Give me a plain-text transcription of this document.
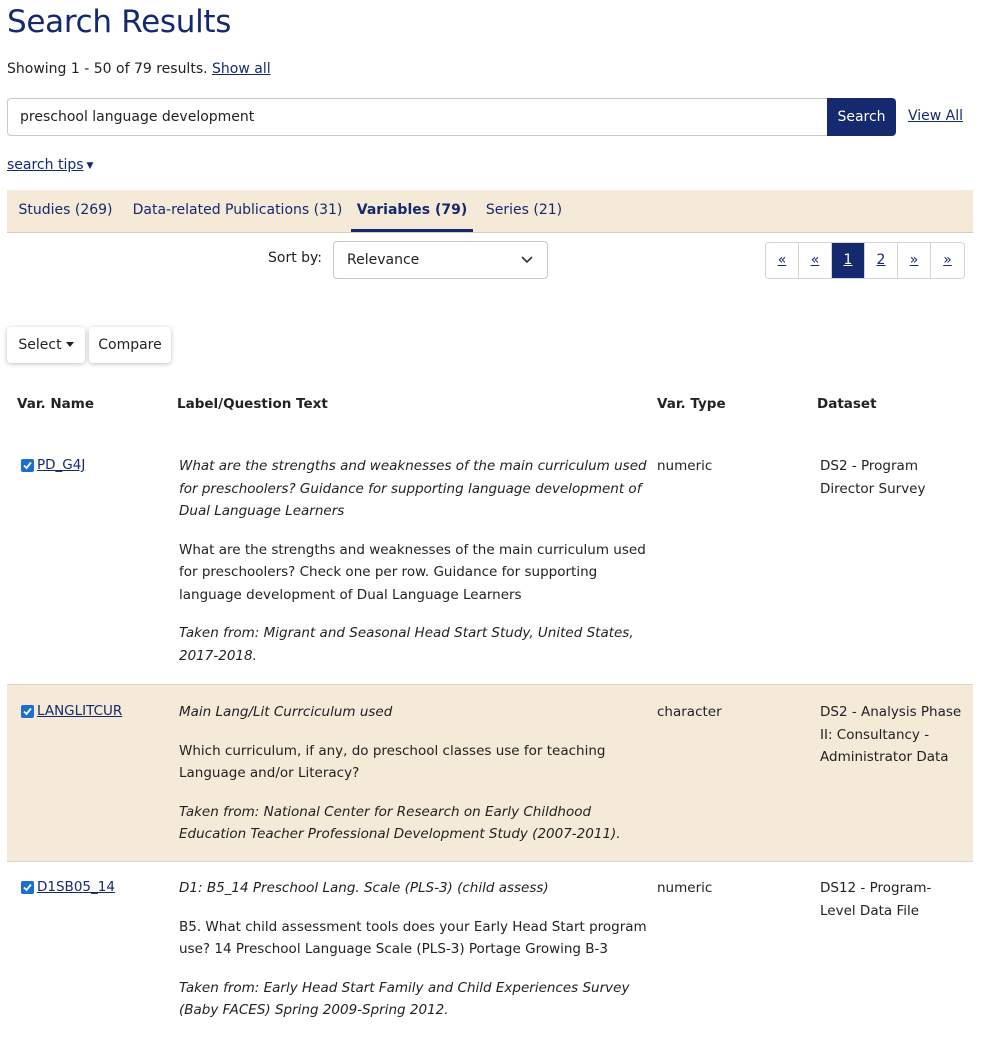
Search Results
Showing 1 - 50 of 79 results. Show all
preschool language development
Search	View All
search tips ▼
Studies (269)	Data-related Publications (31)	Variables (79)	Series (21)
Sort by: Relevance	«	«	1	2	»	»
Select	Compare
Var. Name	Label/Question Text	Var. Type	Dataset
PD_G4J	What are the strengths and weaknesses of the main curriculum used for preschoolers? Guidance for supporting language development of Dual Language Learners

What are the strengths and weaknesses of the main curriculum used for preschoolers? Check one per row. Guidance for supporting language development of Dual Language Learners

Taken from: Migrant and Seasonal Head Start Study, United States, 2017-2018.

numeric	DS2 - Program Director Survey
LANGLITCUR	Main Lang/Lit Currciculum used

Which curriculum, if any, do preschool classes use for teaching Language and/or Literacy?

Taken from: National Center for Research on Early Childhood Education Teacher Professional Development Study (2007-2011).

character	DS2 - Analysis Phase II: Consultancy - Administrator Data
D1SB05_14	D1: B5_14 Preschool Lang. Scale (PLS-3) (child assess)

B5. What child assessment tools does your Early Head Start program use? 14 Preschool Language Scale (PLS-3) Portage Growing B-3

Taken from: Early Head Start Family and Child Experiences Survey (Baby FACES) Spring 2009-Spring 2012.

numeric	DS12 - Program-Level Data File
